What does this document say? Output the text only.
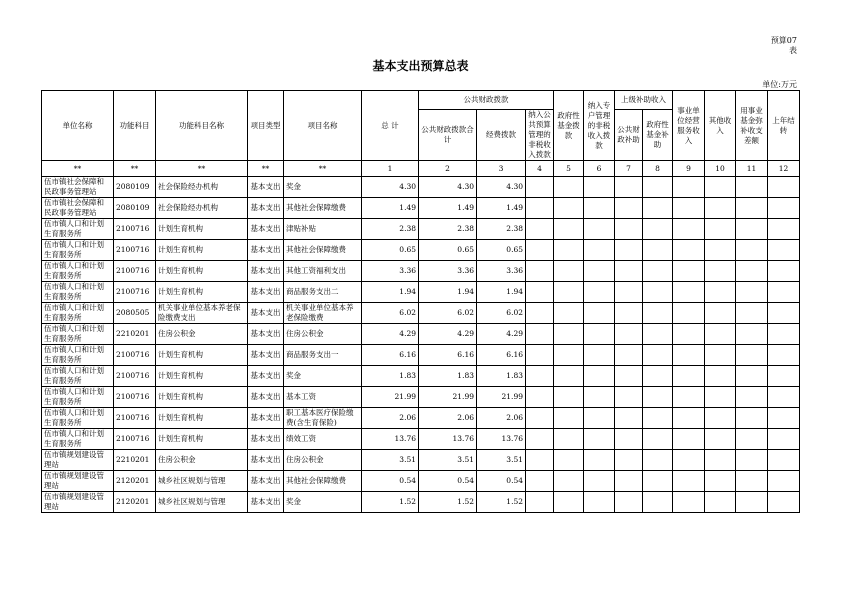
预算07
表
基本支出预算总表
单位:万元
单位名称	功能科目	功能科目名称	项目类型	项目名称	总 计	公共财政拨款			政府性基金拨款	纳入专户管理的非税收入拨款	上级补助收入		事业单位经营服务收入	其他收入	用事业基金弥补收支差额	上年结转
						公共财政拨款合计	经费拨款	纳入公共预算管理的非税收入拨款			公共财政补助	政府性基金补助				
**	**	**	**	**	1	2	3	4	5	6	7	8	9	10	11	12
伍市镇社会保障和民政事务管理站	2080109	社会保险经办机构	基本支出	奖金	4.30	4.30	4.30									
伍市镇社会保障和民政事务管理站	2080109	社会保险经办机构	基本支出	其他社会保障缴费	1.49	1.49	1.49									
伍市镇人口和计划生育服务所	2100716	计划生育机构	基本支出	津贴补贴	2.38	2.38	2.38									
伍市镇人口和计划生育服务所	2100716	计划生育机构	基本支出	其他社会保障缴费	0.65	0.65	0.65									
伍市镇人口和计划生育服务所	2100716	计划生育机构	基本支出	其他工资福利支出	3.36	3.36	3.36									
伍市镇人口和计划生育服务所	2100716	计划生育机构	基本支出	商品服务支出二	1.94	1.94	1.94									
伍市镇人口和计划生育服务所	2080505	机关事业单位基本养老保险缴费支出	基本支出	机关事业单位基本养老保险缴费	6.02	6.02	6.02									
伍市镇人口和计划生育服务所	2210201	住房公积金	基本支出	住房公积金	4.29	4.29	4.29									
伍市镇人口和计划生育服务所	2100716	计划生育机构	基本支出	商品服务支出一	6.16	6.16	6.16									
伍市镇人口和计划生育服务所	2100716	计划生育机构	基本支出	奖金	1.83	1.83	1.83									
伍市镇人口和计划生育服务所	2100716	计划生育机构	基本支出	基本工资	21.99	21.99	21.99									
伍市镇人口和计划生育服务所	2100716	计划生育机构	基本支出	职工基本医疗保险缴费(含生育保险)	2.06	2.06	2.06									
伍市镇人口和计划生育服务所	2100716	计划生育机构	基本支出	绩效工资	13.76	13.76	13.76									
伍市镇规划建设管理站	2210201	住房公积金	基本支出	住房公积金	3.51	3.51	3.51									
伍市镇规划建设管理站	2120201	城乡社区规划与管理	基本支出	其他社会保障缴费	0.54	0.54	0.54									
伍市镇规划建设管理站	2120201	城乡社区规划与管理	基本支出	奖金	1.52	1.52	1.52									
